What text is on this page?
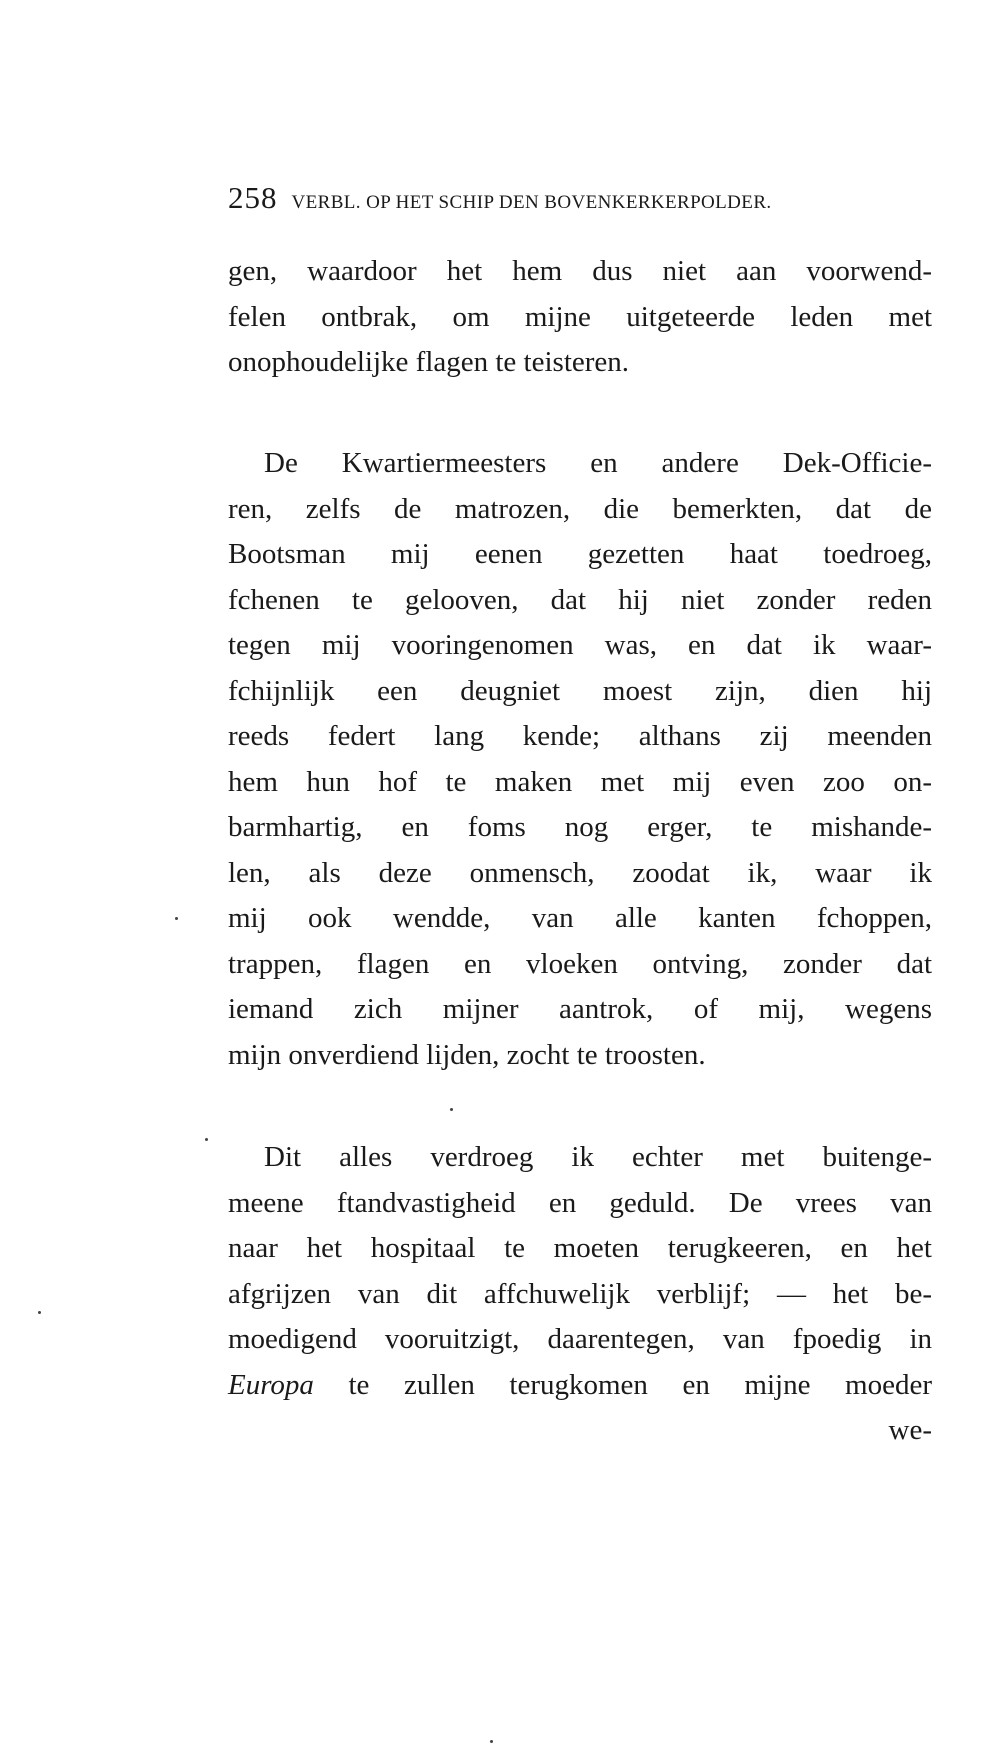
258 VERBL. OP HET SCHIP DEN BOVENKERKERPOLDER.
gen, waardoor het hem dus niet aan voorwend-
felen ontbrak, om mijne uitgeteerde leden met
onophoudelijke flagen te teisteren.
De Kwartiermeesters en andere Dek-Officie-
ren, zelfs de matrozen, die bemerkten, dat de
Bootsman mij eenen gezetten haat toedroeg,
fchenen te gelooven, dat hij niet zonder reden
tegen mij vooringenomen was, en dat ik waar-
fchijnlijk een deugniet moest zijn, dien hij
reeds federt lang kende; althans zij meenden
hem hun hof te maken met mij even zoo on-
barmhartig, en foms nog erger, te mishande-
len, als deze onmensch, zoodat ik, waar ik
mij ook wendde, van alle kanten fchoppen,
trappen, flagen en vloeken ontving, zonder dat
iemand zich mijner aantrok, of mij, wegens
mijn onverdiend lijden, zocht te troosten.
Dit alles verdroeg ik echter met buitenge-
meene ftandvastigheid en geduld. De vrees van
naar het hospitaal te moeten terugkeeren, en het
afgrijzen van dit affchuwelijk verblijf; — het be-
moedigend vooruitzigt, daarentegen, van fpoedig in
Europa te zullen terugkomen en mijne moeder
we-
